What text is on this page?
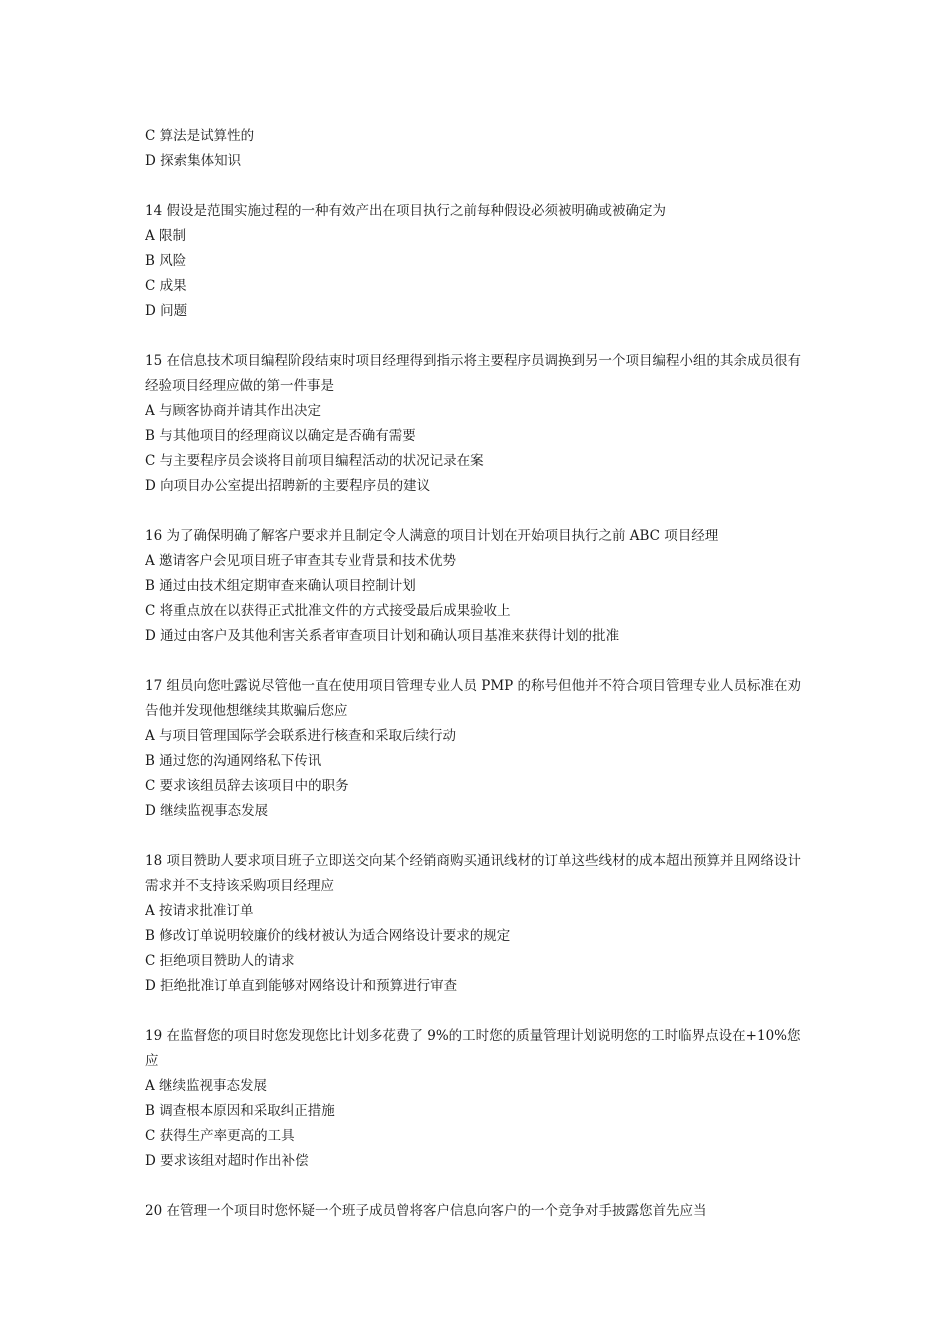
C 算法是试算性的
D 探索集体知识
14 假设是范围实施过程的一种有效产出在项目执行之前每种假设必须被明确或被确定为
A 限制
B 风险
C 成果
D 问题
15 在信息技术项目编程阶段结束时项目经理得到指示将主要程序员调换到另一个项目编程小组的其余成员很有经验项目经理应做的第一件事是
A 与顾客协商并请其作出决定
B 与其他项目的经理商议以确定是否确有需要
C 与主要程序员会谈将目前项目编程活动的状况记录在案
D 向项目办公室提出招聘新的主要程序员的建议
16 为了确保明确了解客户要求并且制定令人满意的项目计划在开始项目执行之前 ABC 项目经理
A 邀请客户会见项目班子审查其专业背景和技术优势
B 通过由技术组定期审查来确认项目控制计划
C 将重点放在以获得正式批准文件的方式接受最后成果验收上
D 通过由客户及其他利害关系者审查项目计划和确认项目基准来获得计划的批准
17 组员向您吐露说尽管他一直在使用项目管理专业人员 PMP 的称号但他并不符合项目管理专业人员标准在劝告他并发现他想继续其欺骗后您应
A 与项目管理国际学会联系进行核查和采取后续行动
B 通过您的沟通网络私下传讯
C 要求该组员辞去该项目中的职务
D 继续监视事态发展
18 项目赞助人要求项目班子立即送交向某个经销商购买通讯线材的订单这些线材的成本超出预算并且网络设计需求并不支持该采购项目经理应
A 按请求批准订单
B 修改订单说明较廉价的线材被认为适合网络设计要求的规定
C 拒绝项目赞助人的请求
D 拒绝批准订单直到能够对网络设计和预算进行审查
19 在监督您的项目时您发现您比计划多花费了 9%的工时您的质量管理计划说明您的工时临界点设在+10%您应
A 继续监视事态发展
B 调查根本原因和采取纠正措施
C 获得生产率更高的工具
D 要求该组对超时作出补偿
20 在管理一个项目时您怀疑一个班子成员曾将客户信息向客户的一个竞争对手披露您首先应当
